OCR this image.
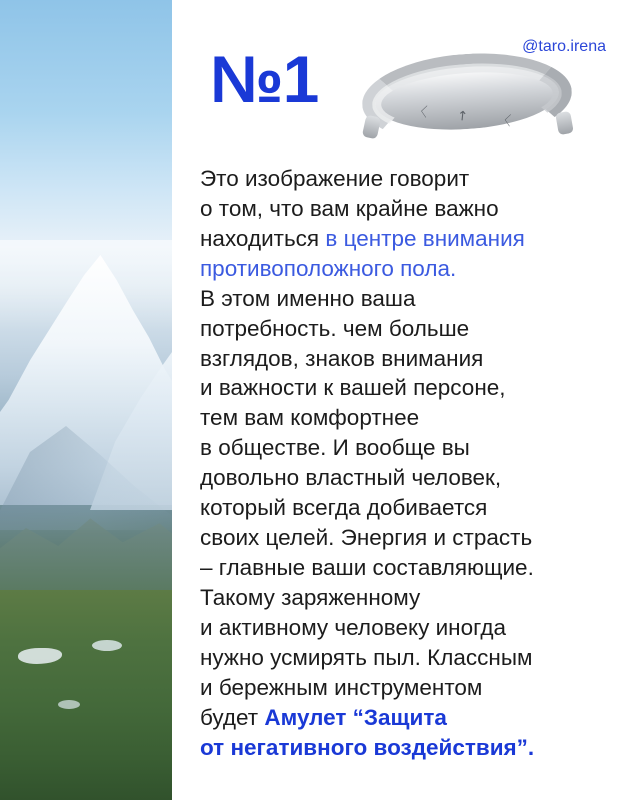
№1
〈 ↑ 〈
@taro.irena

Это изображение говорит

о том, что вам крайне важно

находиться в центре внимания

противоположного пола.

В этом именно ваша

потребность. чем больше

взглядов, знаков внимания

и важности к вашей персоне,

тем вам комфортнее

в обществе. И вообще вы

довольно властный человек,

который всегда добивается

своих целей. Энергия и страсть

– главные ваши составляющие.

Такому заряженному

и активному человеку иногда

нужно усмирять пыл. Классным

и бережным инструментом

будет Амулет “Защита

от негативного воздействия”.
